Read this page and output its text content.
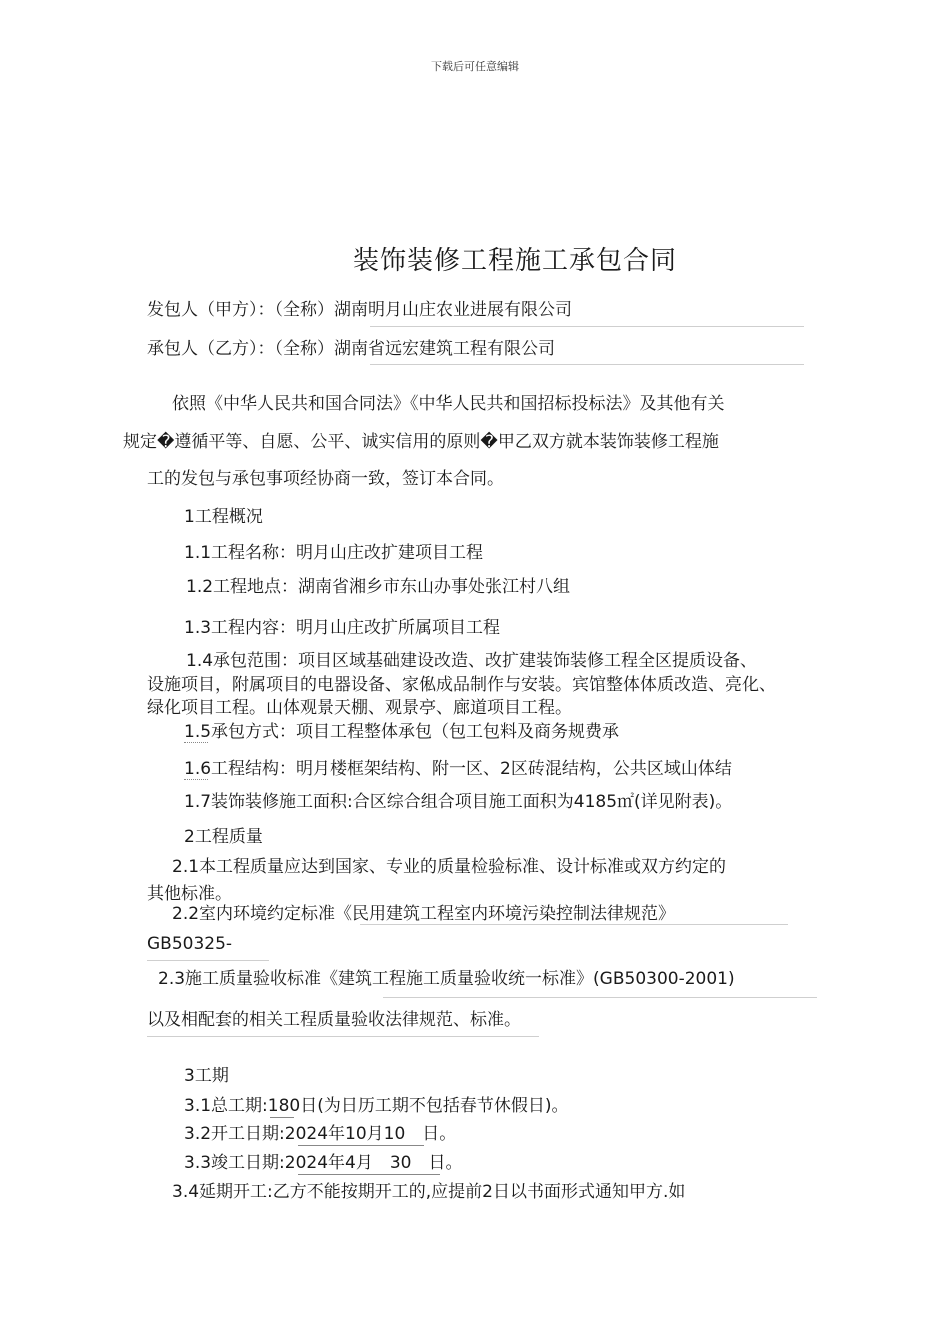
下载后可任意编辑
装饰装修工程施工承包合同
发包人（甲方）：（全称）湖南明月山庄农业进展有限公司
承包人（乙方）：（全称）湖南省远宏建筑工程有限公司
依照《中华人民共和国合同法》《中华人民共和国招标投标法》及其他有关
规定�遵循平等、自愿、公平、诚实信用的原则�甲乙双方就本装饰装修工程施
工的发包与承包事项经协商一致，签订本合同。
1工程概况
1.1工程名称：明月山庄改扩建项目工程
1.2工程地点：湖南省湘乡市东山办事处张江村八组
1.3工程内容：明月山庄改扩所属项目工程
1.4承包范围：项目区域基础建设改造、改扩建装饰装修工程全区提质设备、
设施项目，附属项目的电器设备、家俬成品制作与安装。宾馆整体体质改造、亮化、
绿化项目工程。山体观景天棚、观景亭、廊道项目工程。
1.5承包方式：项目工程整体承包（包工包料及商务规费承
1.6工程结构：明月楼框架结构、附一区、2区砖混结构，公共区域山体结
1.7装饰装修施工面积:合区综合组合项目施工面积为4185㎡(详见附表)。
2工程质量
2.1本工程质量应达到国家、专业的质量检验标准、设计标准或双方约定的
其他标准。
2.2室内环境约定标准《民用建筑工程室内环境污染控制法律规范》
GB50325-
2.3施工质量验收标准《建筑工程施工质量验收统一标准》(GB50300-2001)
以及相配套的相关工程质量验收法律规范、标准。
3工期
3.1总工期:180日(为日历工期不包括春节休假日)。
3.2开工日期:2024年10月10　日。
3.3竣工日期:2024年4月　30　日。
3.4延期开工:乙方不能按期开工的,应提前2日以书面形式通知甲方.如
